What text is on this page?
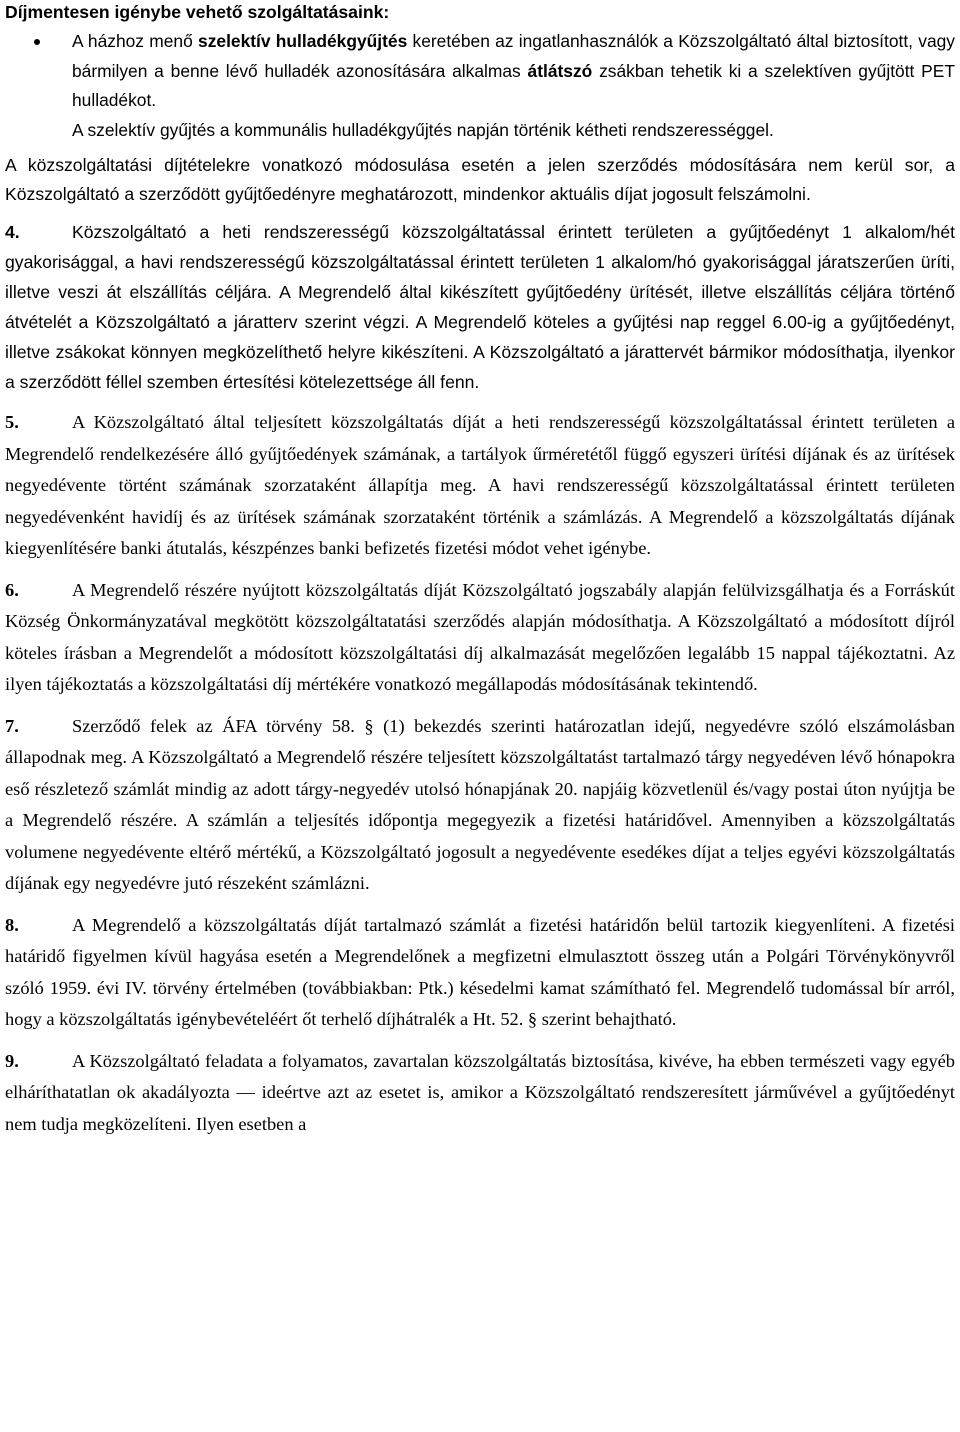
Díjmentesen igénybe vehető szolgáltatásaink:

A házhoz menő szelektív hulladékgyűjtés keretében az ingatlanhasználók a Közszolgáltató által biztosított, vagy bármilyen a benne lévő hulladék azonosítására alkalmas átlátszó zsákban tehetik ki a szelektíven gyűjtött PET hulladékot.
A szelektív gyűjtés a kommunális hulladékgyűjtés napján történik kétheti rendszerességgel.

A közszolgáltatási díjtételekre vonatkozó módosulása esetén a jelen szerződés módosítására nem kerül sor, a Közszolgáltató a szerződött gyűjtőedényre meghatározott, mindenkor aktuális díjat jogosult felszámolni.

4.	Közszolgáltató a heti rendszerességű közszolgáltatással érintett területen a gyűjtőedényt 1 alkalom/hét gyakorisággal, a havi rendszerességű közszolgáltatással érintett területen 1 alkalom/hó gyakorisággal járatszerűen üríti, illetve veszi át elszállítás céljára. A Megrendelő által kikészített gyűjtőedény ürítését, illetve elszállítás céljára történő átvételét a Közszolgáltató a járatterv szerint végzi. A Megrendelő köteles a gyűjtési nap reggel 6.00-ig a gyűjtőedényt, illetve zsákokat könnyen megközelíthető helyre kikészíteni. A Közszolgáltató a járattervét bármikor módosíthatja, ilyenkor a szerződött féllel szemben értesítési kötelezettsége áll fenn.

5.	A Közszolgáltató által teljesített közszolgáltatás díját a heti rendszerességű közszolgáltatással érintett területen a Megrendelő rendelkezésére álló gyűjtőedények számának, a tartályok űrméretétől függő egyszeri ürítési díjának és az ürítések negyedévente történt számának szorzataként állapítja meg. A havi rendszerességű közszolgáltatással érintett területen negyedévenként havidíj és az ürítések számának szorzataként történik a számlázás. A Megrendelő a közszolgáltatás díjának kiegyenlítésére banki átutalás, készpénzes banki befizetés fizetési módot vehet igénybe.

6.	A Megrendelő részére nyújtott közszolgáltatás díját Közszolgáltató jogszabály alapján felülvizsgálhatja és a Forráskút Község Önkormányzatával megkötött közszolgáltatatási szerződés alapján módosíthatja. A Közszolgáltató a módosított díjról köteles írásban a Megrendelőt a módosított közszolgáltatási díj alkalmazását megelőzően legalább 15 nappal tájékoztatni. Az ilyen tájékoztatás a közszolgáltatási díj mértékére vonatkozó megállapodás módosításának tekintendő.

7.	Szerződő felek az ÁFA törvény 58. § (1) bekezdés szerinti határozatlan idejű, negyedévre szóló elszámolásban állapodnak meg. A Közszolgáltató a Megrendelő részére teljesített közszolgáltatást tartalmazó tárgy negyedéven lévő hónapokra eső részletező számlát mindig az adott tárgy-negyedév utolsó hónapjának 20. napjáig közvetlenül és/vagy postai úton nyújtja be a Megrendelő részére. A számlán a teljesítés időpontja megegyezik a fizetési határidővel. Amennyiben a közszolgáltatás volumene negyedévente eltérő mértékű, a Közszolgáltató jogosult a negyedévente esedékes díjat a teljes egyévi közszolgáltatás díjának egy negyedévre jutó részeként számlázni.

8.	A Megrendelő a közszolgáltatás díját tartalmazó számlát a fizetési határidőn belül tartozik kiegyenlíteni. A fizetési határidő figyelmen kívül hagyása esetén a Megrendelőnek a megfizetni elmulasztott összeg után a Polgári Törvénykönyvről szóló 1959. évi IV. törvény értelmében (továbbiakban: Ptk.) késedelmi kamat számítható fel. Megrendelő tudomással bír arról, hogy a közszolgáltatás igénybevételéért őt terhelő díjhátralék a Ht. 52. § szerint behajtható.

9.	A Közszolgáltató feladata a folyamatos, zavartalan közszolgáltatás biztosítása, kivéve, ha ebben természeti vagy egyéb elháríthatatlan ok akadályozta — ideértve azt az esetet is, amikor a Közszolgáltató rendszeresített járművével a gyűjtőedényt nem tudja megközelíteni. Ilyen esetben a
